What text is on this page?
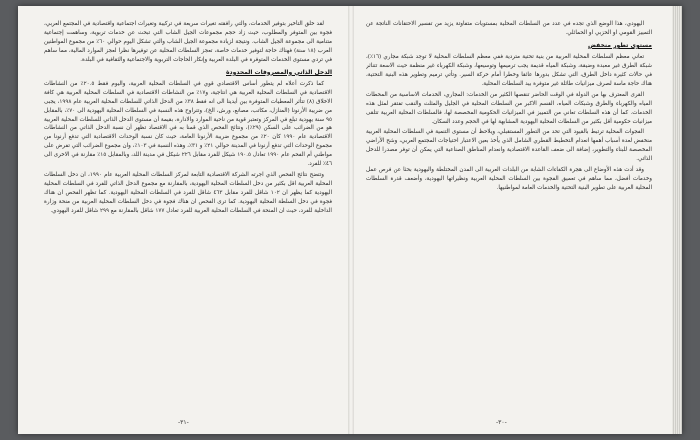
لقد خلق التأخير بتوفير الخدمات، والتي رافقته تغيرات سريعة في تركيبة وتغيرات اجتماعية واقتصادية في المجتمع العربي، فجوة بين المتوفر والمطلوب، حيث زاد حجم مجموعات الجيل الشاب التي تبحث عن خدمات تربوية، وساهمت إجتماعية متنامية الى مجموعة الجيل الشاب. ونتيجة لزيادة مجموعة الجيل الشاب والتي تشكل اليوم حوالي ٦٠٪ من مجموع المواطنين العرب (١٨ سنة) فهناك حاجة لتوفير خدمات خاصة، تعجز السلطات المحلية عن توفيرها نظرا لعجز الموارد المالية، مما ساهم في تردي مستوى الخدمات المتوفرة في البلدة العربية وإنكار الحاجات التربوية والاجتماعية والثقافية في البلدة.

الدخل الذاتي والمصروفات المحدودة

كما ذكرت أعلاه لم يتطور أساس الاقتصادي قوي في السلطات المحلية العربية، واليوم فقط ٢٠.٥٪ من النشاطات الاقتصادية في السلطات المحلية العربية هي انتاجية، و١٧٪ من النشاطات الاقتصادية في السلطات المحلية العربية هي كافة الاخلاق (٨) تتأثر المعطيات المتوفرة بين أيدينا الى انه فقط ٣٨٪ من الدخل الذاتي للسلطات المحلية العربية عام ١٩٩٨، يجبى من ضريبة الأرنونا (المنازل، مكاتب، مصانع، ورش، الخ)، وتتراوح هذه النسبة في السلطات المحلية اليهودية الى ٧٠٪، بالمقابل ٩٥ سنة يهودية تبلغ في المركز وتعتبر قوية من ناحية الموارد والادارة، بقيمة أن مستوى الدخل الذاتي للسلطات المحلية العربية هو من الضرائب على السكن (٢٩٪)، ونتائج الفحص الذي قمنا به في الاقتصاد تظهر أن نسبة الدخل الذاتي من النشاطات الاقتصادية عام ١٩٩٠ كان ٢٠٪ من مجموع ضريبة الأرنونا العامة، حيث كان نسبة الوحدات الاقتصادية التي تدفع أرنونا من مجموع الوحدات التي تدفع أرنونا في المدينة حوالي ٢١٪ و ٣١٪، وهذه النسبة في ١٠٣٪، وان مجموع الضرائب التي تفرض على مواطني أم الفحم عام ١٩٩٠ تعادل ١٩٠.٥ شيكل للفرد مقابل ٢٢٦ شيكل في مدينة اللد، وبالمقابل ١٥٪ مقارنة في الاخرى الى ٤٦٪ للفرد.

وتتضح نتائج الفحص الذي اجرته الشركة الاقتصادية التابعة لمركز السلطات المحلية العربية عام ١٩٩٠، ان دخل السلطات المحلية العربية اقل بكثير من دخل السلطات المحلية اليهودية، بالمقارنة مع مجموع الدخل الذاتي للفرد في السلطات المحلية اليهودية كما يظهر ان ١٠٢ شاقل للفرد مقابل ٤٦٣ شاقل للفرد في السلطات المحلية اليهودية. كما تظهر الفحص ان هناك فجوة في دخل السلطة المحلية اليهودية. كما ترى الفحص ان هناك فجوة في دخل السلطات المحلية العربية من منحة وزارة الداخلية للفرد، حيث ان المنحة في السلطات المحلية العربية للفرد تعادل ١٧٧ شاقل بالمقارنة مع ٢٩٩ شاقل للفرد اليهودي.

-٣١-

اليهودي، هذا الوضع الذي تجده في عدد من السلطات المحلية بمستويات متفاوتة يزيد من تفسير الاحتقانات الناتجة عن التمييز القومي او الحزبي او الحمائلي.

مستوى تطور منخفض

تعاني معظم السلطات المحلية العربية من بنية تحتية متردية ففي معظم السلطات المحلية لا توجد شبكة مجاري (١٦٪)، شبكة الطرق غير معبدة وضيقة، وشبكة المياه قديمة يجب ترميمها وتوسيعها، وشبكة الكهرباء غير منظمة حيث الاسعة تتناثر في حالات كثيرة داخل الطرق، التي تشكل بدورها عائقا وخطرا أمام حركة السير. وتأتي ترميم وتطوير هذه البنية التحتية، هناك حاجة ماسة لصرف ميزانيات طائلة غير متوفرة بيد السلطات المحلية.

القرى المعترف بها من الدولة في الوقت الحاضر تنقصها الكثير من الخدمات: المجاري، الخدمات الاساسية من المحطات المياه والكهرباء والطرق وشبكات المياه، القسم الاكبر من السلطات المحلية في الجليل والمثلث والنقب تفتقر لمثل هذه الخدمات. كما أن هذه السلطات تعاني من التمييز في الميزانيات الحكومية المخصصة لها، فالسلطات المحلية العربية تتلقى ميزانيات حكومية أقل بكثير من السلطات المحلية اليهودية المشابهة لها في الحجم وعدد السكان.

الفجوات المحلية ترتبط بالقيود التي تحد من التطور المستقبلي، ويلاحظ أن مستوى التنمية في السلطات المحلية العربية منخفض لعدة أسباب أهمها انعدام التخطيط القطري الشامل الذي يأخذ بعين الاعتبار احتياجات المجتمع العربي، وشح الأراضي المخصصة للبناء والتطوير، إضافة الى ضعف القاعدة الاقتصادية وانعدام المناطق الصناعية التي يمكن أن توفر مصدرا للدخل الذاتي.

وقد أدت هذه الأوضاع الى هجرة الكفاءات الشابة من البلدات العربية الى المدن المختلطة واليهودية بحثا عن فرص عمل وخدمات أفضل، مما ساهم في تعميق الفجوة بين السلطات المحلية العربية ونظيراتها اليهودية، وأضعف قدرة السلطات المحلية العربية على تطوير البنية التحتية والخدمات العامة لمواطنيها.

-٣٠-
